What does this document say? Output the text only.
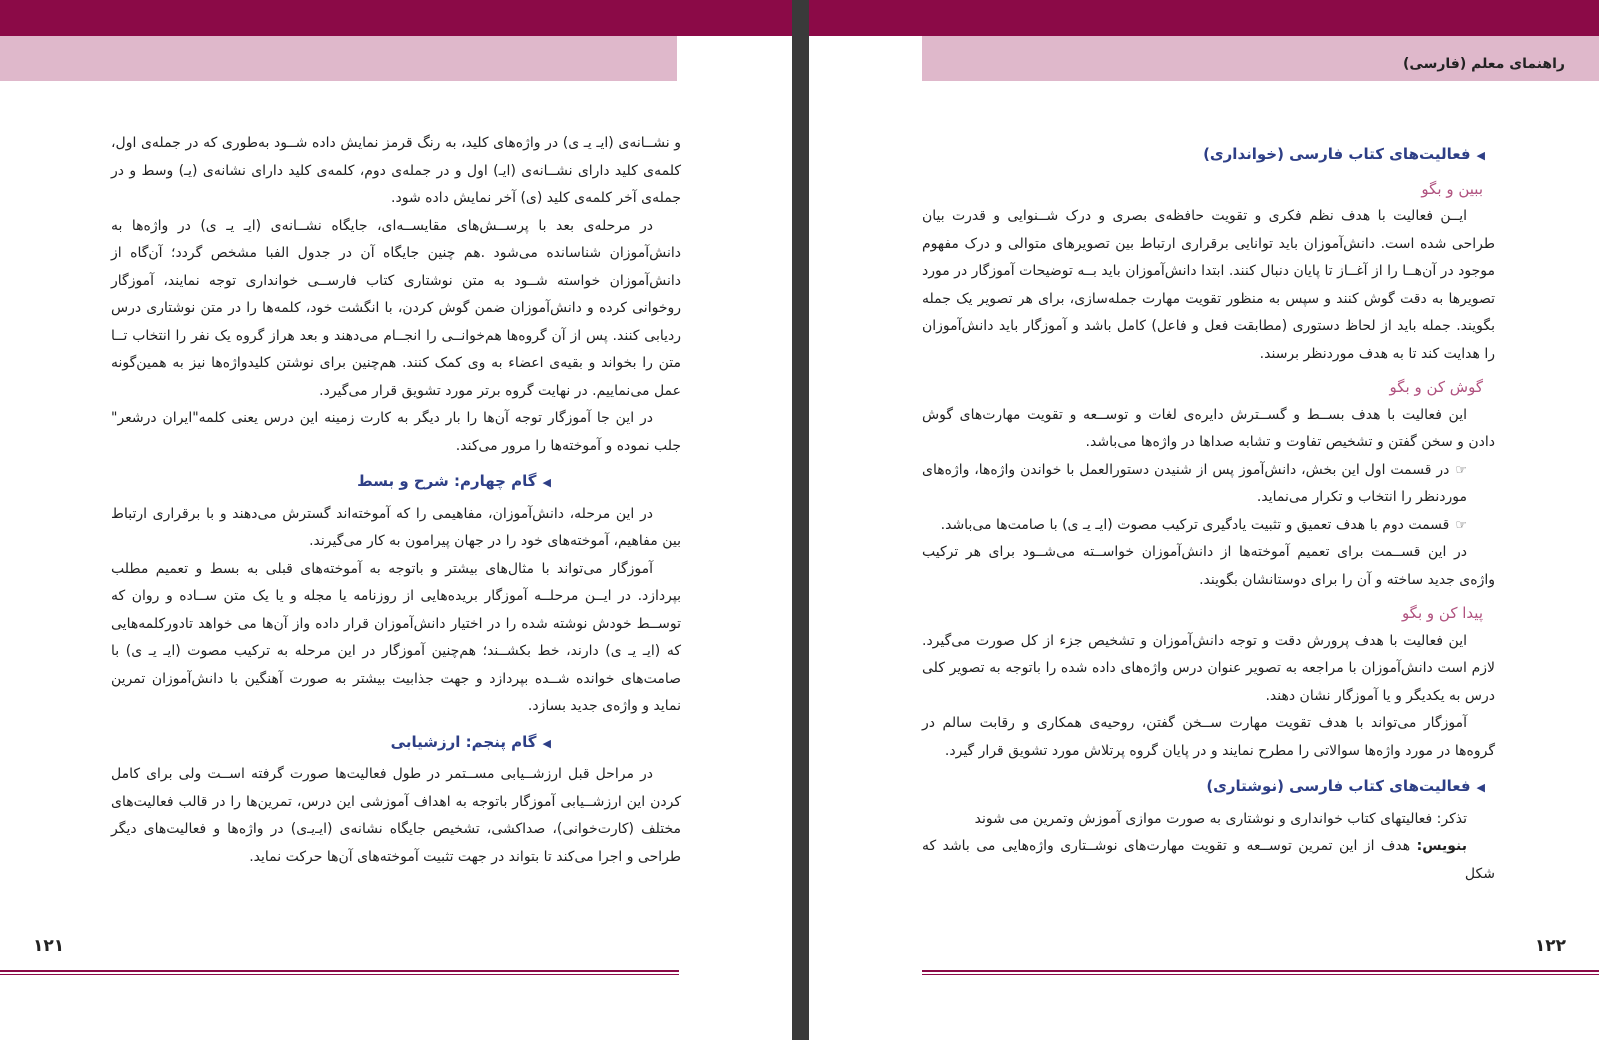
و نشــانه‌ی (ایـ یـ ی) در واژه‌های کلید، به رنگ قرمز نمایش داده شــود به‌طوری که در جمله‌ی اول، کلمه‌ی کلید دارای نشــانه‌ی (ایـ) اول و در جمله‌ی دوم، کلمه‌ی کلید دارای نشانه‌ی (یـ) وسط و در جمله‌ی آخر کلمه‌ی کلید (ی) آخر نمایش داده شود.

در مرحله‌ی بعد با پرســش‌های مقایســه‌ای، جایگاه نشــانه‌ی (ایـ یـ ی) در واژه‌ها به دانش‌آموزان شناسانده می‌شود .هم چنین جایگاه آن در جدول الفبا مشخص گردد؛ آن‌گاه از دانش‌آموزان خواسته شــود به متن نوشتاری کتاب فارســی خوانداری توجه نمایند، آموزگار روخوانی کرده و دانش‌آموزان ضمن گوش کردن، با انگشت خود، کلمه‌ها را در متن نوشتاری درس ردیابی کنند. پس از آن گروه‌ها هم‌خوانــی را انجــام می‌دهند و بعد هراز گروه یک نفر را انتخاب تــا متن را بخواند و بقیه‌ی اعضاء به وی کمک کنند. هم‌چنین برای نوشتن کلیدواژه‌ها نیز به همین‌گونه عمل می‌نماییم. در نهایت گروه برتر مورد تشویق قرار می‌گیرد.

در این جا آموزگار توجه آن‌ها را بار دیگر به کارت زمینه این درس یعنی کلمه"ایران درشعر" جلب نموده و آموخته‌ها را مرور می‌کند.

◀گام چهارم: شرح و بسط

در این مرحله، دانش‌آموزان، مفاهیمی را که آموخته‌اند گسترش می‌دهند و با برقراری ارتباط بین مفاهیم، آموخته‌های خود را در جهان پیرامون به کار می‌گیرند.

آموزگار می‌تواند با مثال‌های بیشتر و باتوجه به آموخته‌های قبلی به بسط و تعمیم مطلب بپردازد. در ایــن مرحلــه آموزگار بریده‌هایی از روزنامه یا مجله و یا یک متن ســاده و روان که توســط خودش نوشته شده را در اختیار دانش‌آموزان قرار داده واز آن‌ها می خواهد تادورکلمه‌هایی که (ایـ یـ ی) دارند، خط بکشــند؛ هم‌چنین آموزگار در این مرحله به ترکیب مصوت (ایـ یـ ی) با صامت‌های خوانده شــده بپردازد و جهت جذابیت بیشتر به صورت آهنگین با دانش‌آموزان تمرین نماید و واژه‌ی جدید بسازد.

◀گام پنجم: ارزشیابی

در مراحل قبل ارزشــیابی مســتمر در طول فعالیت‌ها صورت گرفته اســت ولی برای کامل کردن این ارزشــیابی آموزگار باتوجه به اهداف آموزشی این درس، تمرین‌ها را در قالب فعالیت‌های مختلف (کارت‌خوانی)، صداکشی، تشخیص جایگاه نشانه‌ی (ایـ‌یـ‌ی) در واژه‌ها و فعالیت‌های دیگر طراحی و اجرا می‌کند تا بتواند در جهت تثبیت آموخته‌های آن‌ها حرکت نماید.

۱۲۱
راهنمای معلم (فارسی)
◀فعالیت‌های کتاب فارسی (خوانداری)
ببین و بگو

ایــن فعالیت با هدف نظم فکری و تقویت حافظه‌ی بصری و درک شــنوایی و قدرت بیان طراحی شده است. دانش‌آموزان باید توانایی برقراری ارتباط بین تصویرهای متوالی و درک مفهوم موجود در آن‌هــا را از آغــاز تا پایان دنبال کنند. ابتدا دانش‌آموزان باید بــه توضیحات آموزگار در مورد تصویرها به دقت گوش کنند و سپس به منظور تقویت مهارت جمله‌سازی، برای هر تصویر یک جمله بگویند. جمله باید از لحاظ دستوری (مطابقت فعل و فاعل) کامل باشد و آموزگار باید دانش‌آموزان را هدایت کند تا به هدف موردنظر برسند.

گوش کن و بگو

این فعالیت با هدف بســط و گســترش دایره‌ی لغات و توســعه و تقویت مهارت‌های گوش دادن و سخن گفتن و تشخیص تفاوت و تشابه صداها در واژه‌ها می‌باشد.

☞در قسمت اول این بخش، دانش‌آموز پس از شنیدن دستورالعمل با خواندن واژه‌ها، واژه‌های موردنظر را انتخاب و تکرار می‌نماید.

☞قسمت دوم با هدف تعمیق و تثبیت یادگیری ترکیب مصوت (ایـ یـ ی) با صامت‌ها می‌باشد.

در این قســمت برای تعمیم آموخته‌ها از دانش‌آموزان خواســته می‌شــود برای هر ترکیب واژه‌ی جدید ساخته و آن را برای دوستانشان بگویند.

پیدا کن و بگو

این فعالیت با هدف پرورش دقت و توجه دانش‌آموزان و تشخیص جزء از کل صورت می‌گیرد. لازم است دانش‌آموزان با مراجعه به تصویر عنوان درس واژه‌های داده شده را باتوجه به تصویر کلی درس به یکدیگر و یا آموزگار نشان دهند.

آموزگار می‌تواند با هدف تقویت مهارت ســخن گفتن، روحیه‌ی همکاری و رقابت سالم در گروه‌ها در مورد واژه‌ها سوالاتی را مطرح نمایند و در پایان گروه پرتلاش مورد تشویق قرار گیرد.

◀فعالیت‌های کتاب فارسی (نوشتاری)

تذکر: فعالیتهای کتاب خوانداری و نوشتاری به صورت موازی آموزش وتمرین می شوند

بنویس: هدف از این تمرین توســعه و تقویت مهارت‌های نوشــتاری واژه‌هایی می باشد که شکل

۱۲۲
